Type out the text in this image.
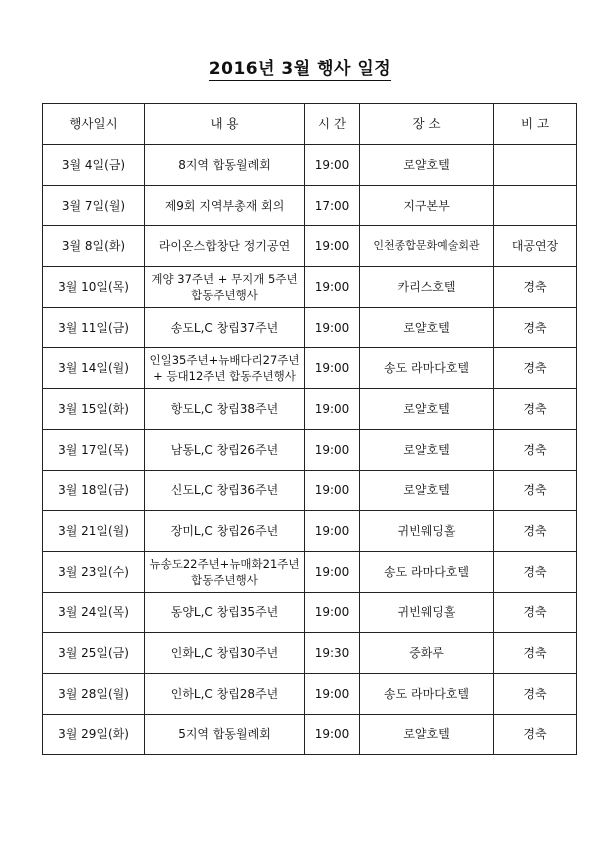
2016년 3월 행사 일정
행사일시	내 용	시 간	장 소	비 고
3월 4일(금)	8지역 합동월례회	19:00	로얄호텔	
3월 7일(월)	제9회 지역부총재 회의	17:00	지구본부	
3월 8일(화)	라이온스합창단 정기공연	19:00	인천종합문화예술회관	대공연장
3월 10일(목)	계양 37주년 + 무지개 5주년 합동주년행사	19:00	카리스호텔	경축
3월 11일(금)	송도L,C 창립37주년	19:00	로얄호텔	경축
3월 14일(월)	인일35주년+뉴배다리27주년+ 등대12주년 합동주년행사	19:00	송도 라마다호텔	경축
3월 15일(화)	항도L,C 창립38주년	19:00	로얄호텔	경축
3월 17일(목)	남동L,C 창립26주년	19:00	로얄호텔	경축
3월 18일(금)	신도L,C 창립36주년	19:00	로얄호텔	경축
3월 21일(월)	장미L,C 창립26주년	19:00	귀빈웨딩홀	경축
3월 23일(수)	뉴송도22주년+뉴매화21주년 합동주년행사	19:00	송도 라마다호텔	경축
3월 24일(목)	동양L,C 창립35주년	19:00	귀빈웨딩홀	경축
3월 25일(금)	인화L,C 창립30주년	19:30	중화루	경축
3월 28일(월)	인하L,C 창립28주년	19:00	송도 라마다호텔	경축
3월 29일(화)	5지역 합동월례회	19:00	로얄호텔	경축
